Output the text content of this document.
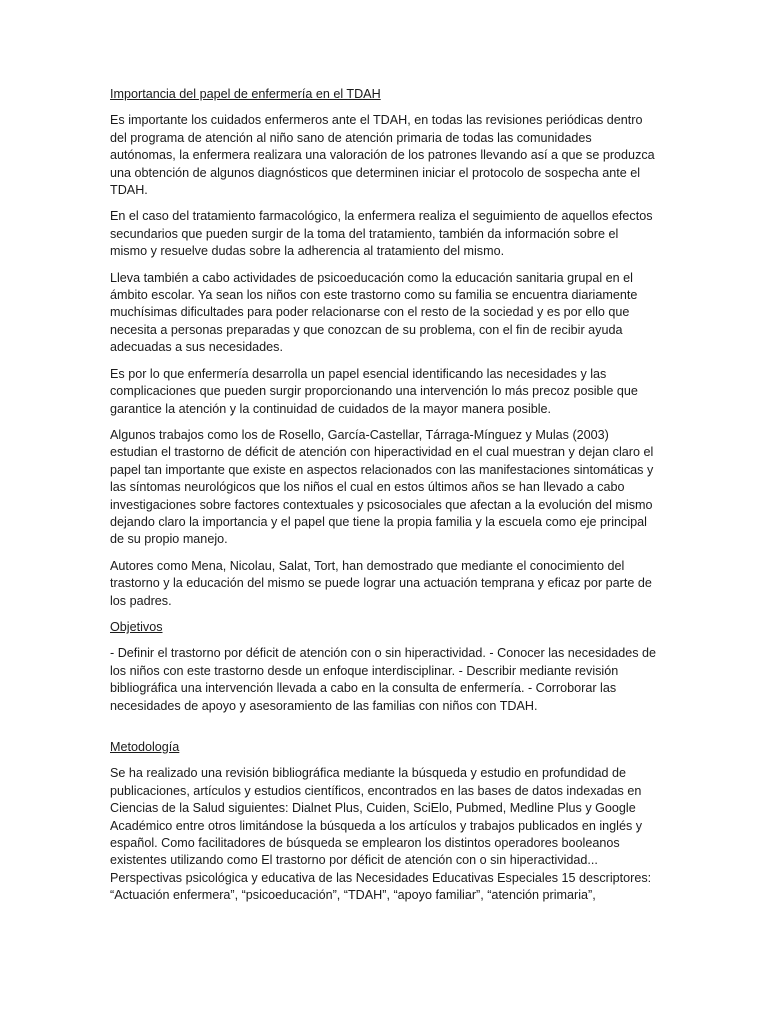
Importancia del papel de enfermería en el TDAH

Es importante los cuidados enfermeros ante el TDAH, en todas las revisiones periódicas dentro del programa de atención al niño sano de atención primaria de todas las comunidades autónomas, la enfermera realizara una valoración de los patrones llevando así a que se produzca una obtención de algunos diagnósticos que determinen iniciar el protocolo de sospecha ante el TDAH.

En el caso del tratamiento farmacológico, la enfermera realiza el seguimiento de aquellos efectos secundarios que pueden surgir de la toma del tratamiento, también da información sobre el mismo y resuelve dudas sobre la adherencia al tratamiento del mismo.

Lleva también a cabo actividades de psicoeducación como la educación sanitaria grupal en el ámbito escolar. Ya sean los niños con este trastorno como su familia se encuentra diariamente muchísimas dificultades para poder relacionarse con el resto de la sociedad y es por ello que necesita a personas preparadas y que conozcan de su problema, con el fin de recibir ayuda adecuadas a sus necesidades.

Es por lo que enfermería desarrolla un papel esencial identificando las necesidades y las complicaciones que pueden surgir proporcionando una intervención lo más precoz posible que garantice la atención y la continuidad de cuidados de la mayor manera posible.

Algunos trabajos como los de Rosello, García-Castellar, Tárraga-Mínguez y Mulas (2003) estudian el trastorno de déficit de atención con hiperactividad en el cual muestran y dejan claro el papel tan importante que existe en aspectos relacionados con las manifestaciones sintomáticas y las síntomas neurológicos que los niños el cual en estos últimos años se han llevado a cabo investigaciones sobre factores contextuales y psicosociales que afectan a la evolución del mismo dejando claro la importancia y el papel que tiene la propia familia y la escuela como eje principal de su propio manejo.

Autores como Mena, Nicolau, Salat, Tort, han demostrado que mediante el conocimiento del trastorno y la educación del mismo se puede lograr una actuación temprana y eficaz por parte de los padres.

Objetivos

- Definir el trastorno por déficit de atención con o sin hiperactividad. - Conocer las necesidades de los niños con este trastorno desde un enfoque interdisciplinar. - Describir mediante revisión bibliográfica una intervención llevada a cabo en la consulta de enfermería. - Corroborar las necesidades de apoyo y asesoramiento de las familias con niños con TDAH.

Metodología

Se ha realizado una revisión bibliográfica mediante la búsqueda y estudio en profundidad de publicaciones, artículos y estudios científicos, encontrados en las bases de datos indexadas en Ciencias de la Salud siguientes: Dialnet Plus, Cuiden, SciElo, Pubmed, Medline Plus y Google Académico entre otros limitándose la búsqueda a los artículos y trabajos publicados en inglés y español. Como facilitadores de búsqueda se emplearon los distintos operadores booleanos existentes utilizando como El trastorno por déficit de atención con o sin hiperactividad... Perspectivas psicológica y educativa de las Necesidades Educativas Especiales 15 descriptores: “Actuación enfermera”, “psicoeducación”, “TDAH”, “apoyo familiar”, “atención primaria”,
